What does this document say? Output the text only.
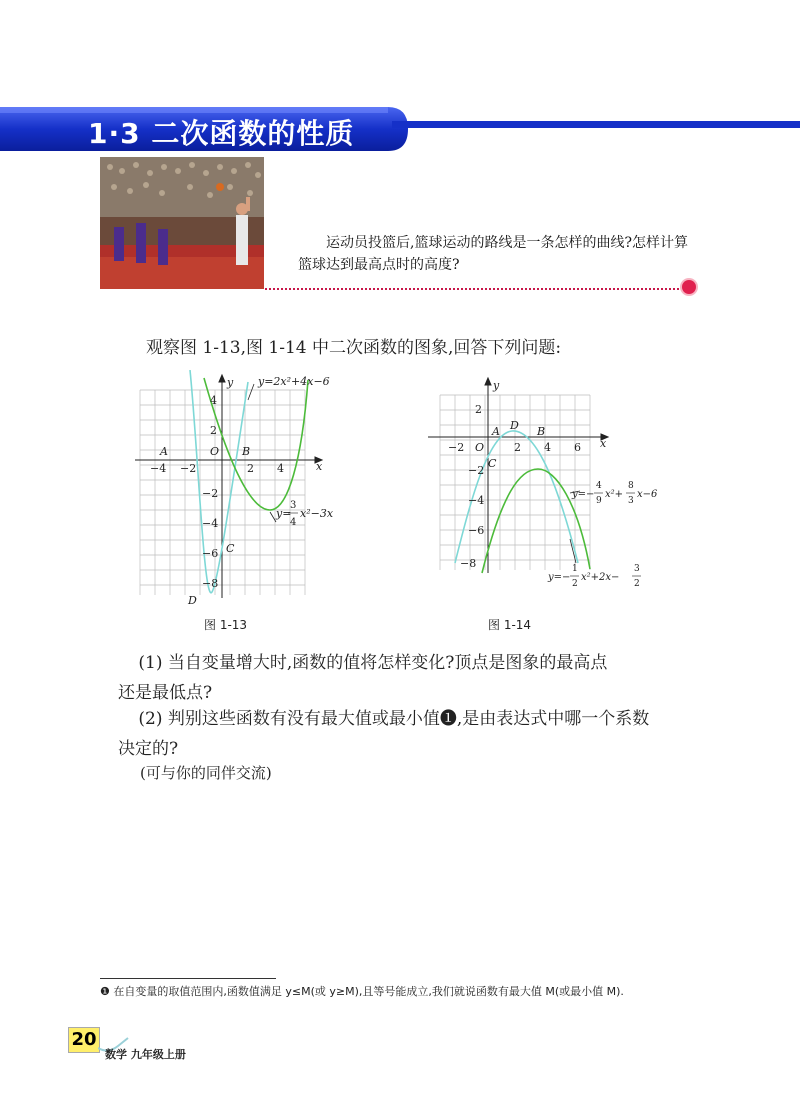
1·3 二次函数的性质

运动员投篮后,篮球运动的路线是一条怎样的曲线?怎样计算篮球达到最高点时的高度?

观察图 1-13,图 1-14 中二次函数的图象,回答下列问题:
x
y
O
−4 −2	2 4
4
2
−2
−4
−6
−8
A	B
C
D
y=2x²+4x−6
y=
3
4
x²−3x
x
y
O
−2	2 4 6
2
−2
−4
−6
−8
A	B
C
D
y=−
4
9
x²+
8
3
x−6
y=−
1
2
x²+2x−
3
2
图 1-13	图 1-14

(1) 当自变量增大时,函数的值将怎样变化?顶点是图象的最高点

还是最低点?

(2) 判别这些函数有没有最大值或最小值❶,是由表达式中哪一个系数

决定的?

(可与你的同伴交流)
❶ 在自变量的取值范围内,函数值满足 y≤M(或 y≥M),且等号能成立,我们就说函数有最大值 M(或最小值 M).
20
数学 九年级上册
